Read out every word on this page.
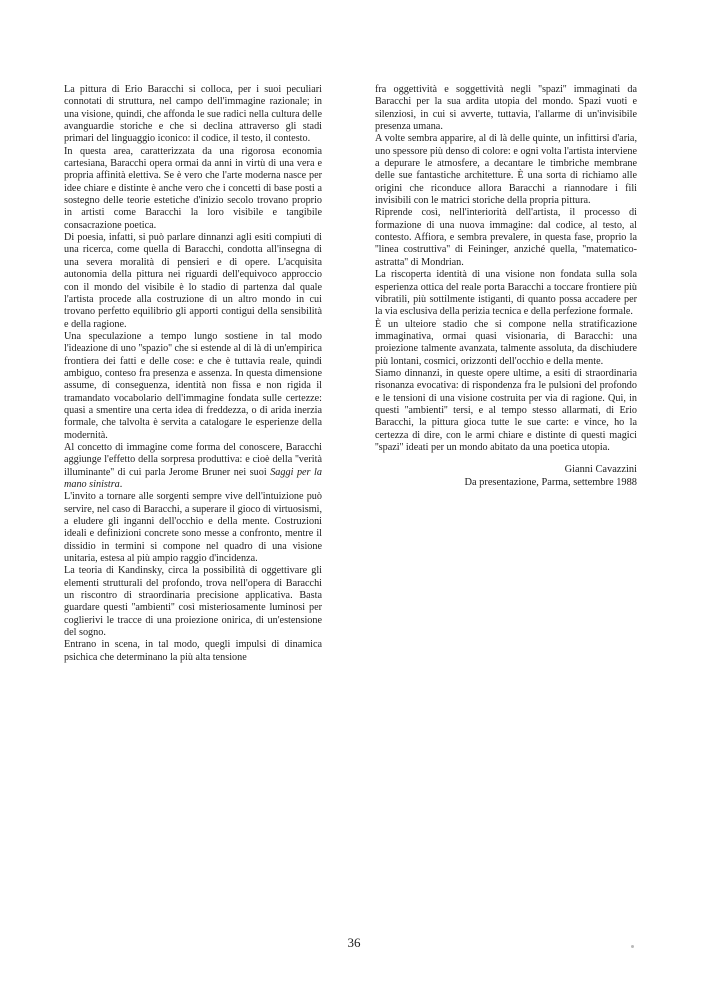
La pittura di Erio Baracchi si colloca, per i suoi peculiari connotati di struttura, nel campo dell'immagine razionale; in una visione, quindi, che affonda le sue radici nella cultura delle avanguardie storiche e che si declina attraverso gli stadi primari del linguaggio iconico: il codice, il testo, il contesto.

In questa area, caratterizzata da una rigorosa economia cartesiana, Baracchi opera ormai da anni in virtù di una vera e propria affinità elettiva. Se è vero che l'arte moderna nasce per idee chiare e distinte è anche vero che i concetti di base posti a sostegno delle teorie estetiche d'inizio secolo trovano proprio in artisti come Baracchi la loro visibile e tangibile consacrazione poetica.

Di poesia, infatti, si può parlare dinnanzi agli esiti compiuti di una ricerca, come quella di Baracchi, condotta all'insegna di una severa moralità di pensieri e di opere. L'acquisita autonomia della pittura nei riguardi dell'equivoco approccio con il mondo del visibile è lo stadio di partenza dal quale l'artista procede alla costruzione di un altro mondo in cui trovano perfetto equilibrio gli apporti contigui della sensibilità e della ragione.

Una speculazione a tempo lungo sostiene in tal modo l'ideazione di uno ''spazio'' che si estende al di là di un'empirica frontiera dei fatti e delle cose: e che è tuttavia reale, quindi ambiguo, conteso fra presenza e assenza. In questa dimensione assume, di conseguenza, identità non fissa e non rigida il tramandato vocabolario dell'immagine fondata sulle certezze: quasi a smentire una certa idea di freddezza, o di arida inerzia formale, che talvolta è servita a catalogare le esperienze della modernità.

Al concetto di immagine come forma del conoscere, Baracchi aggiunge l'effetto della sorpresa produttiva: e cioè della ''verità illuminante'' di cui parla Jerome Bruner nei suoi Saggi per la mano sinistra.

L'invito a tornare alle sorgenti sempre vive dell'intuizione può servire, nel caso di Baracchi, a superare il gioco di virtuosismi, a eludere gli inganni dell'occhio e della mente. Costruzioni ideali e definizioni concrete sono messe a confronto, mentre il dissidio in termini si compone nel quadro di una visione unitaria, estesa al più ampio raggio d'incidenza.

La teoria di Kandinsky, circa la possibilità di oggettivare gli elementi strutturali del profondo, trova nell'opera di Baracchi un riscontro di straordinaria precisione applicativa. Basta guardare questi ''ambienti'' così misteriosamente luminosi per coglierivi le tracce di una proiezione onirica, di un'estensione del sogno.

Entrano in scena, in tal modo, quegli impulsi di dinamica psichica che determinano la più alta tensione

fra oggettività e soggettività negli ''spazi'' immaginati da Baracchi per la sua ardita utopia del mondo. Spazi vuoti e silenziosi, in cui si avverte, tuttavia, l'allarme di un'invisibile presenza umana.

A volte sembra apparire, al di là delle quinte, un infittirsi d'aria, uno spessore più denso di colore: e ogni volta l'artista interviene a depurare le atmosfere, a decantare le timbriche membrane delle sue fantastiche architetture. È una sorta di richiamo alle origini che riconduce allora Baracchi a riannodare i fili invisibili con le matrici storiche della propria pittura.

Riprende così, nell'interiorità dell'artista, il processo di formazione di una nuova immagine: dal codice, al testo, al contesto. Affiora, e sembra prevalere, in questa fase, proprio la ''linea costruttiva'' di Feininger, anziché quella, ''matematico-astratta'' di Mondrian.

La riscoperta identità di una visione non fondata sulla sola esperienza ottica del reale porta Baracchi a toccare frontiere più vibratili, più sottilmente istiganti, di quanto possa accadere per la via esclusiva della perizia tecnica e della perfezione formale.

È un ulteiore stadio che si compone nella stratificazione immaginativa, ormai quasi visionaria, di Baracchi: una proiezione talmente avanzata, talmente assoluta, da dischiudere più lontani, cosmici, orizzonti dell'occhio e della mente.

Siamo dinnanzi, in queste opere ultime, a esiti di straordinaria risonanza evocativa: di rispondenza fra le pulsioni del profondo e le tensioni di una visione costruita per via di ragione. Qui, in questi ''ambienti'' tersi, e al tempo stesso allarmati, di Erio Baracchi, la pittura gioca tutte le sue carte: e vince, ho la certezza di dire, con le armi chiare e distinte di questi magici ''spazi'' ideati per un mondo abitato da una poetica utopia.

Gianni Cavazzini
Da presentazione, Parma, settembre 1988
36
